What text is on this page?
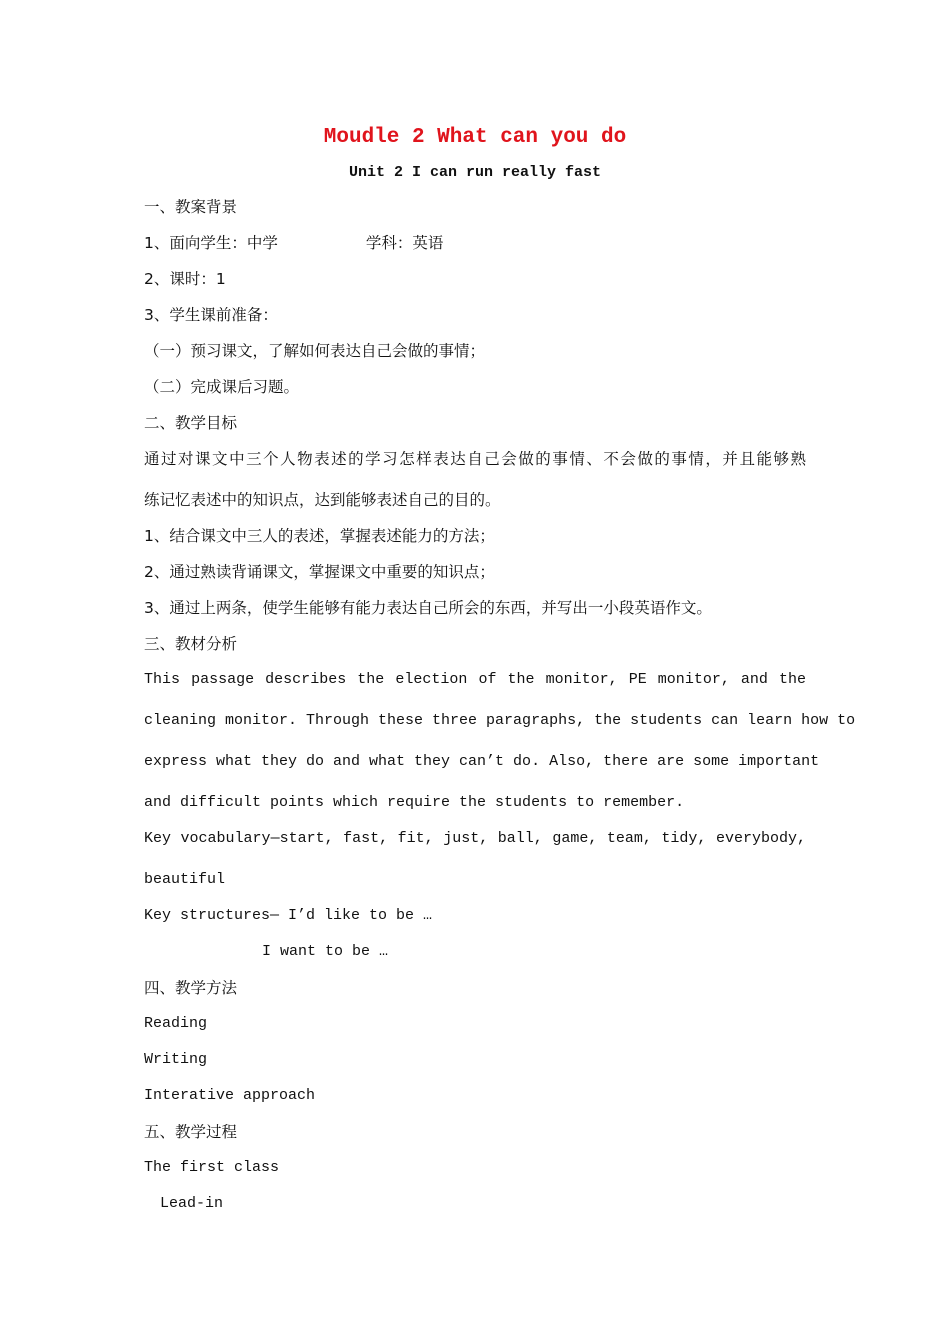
Moudle 2 What can you do
Unit 2 I can run really fast
一、教案背景
1、面向学生：中学	学科：英语
2、课时：1
3、学生课前准备：
（一）预习课文，了解如何表达自己会做的事情；
（二）完成课后习题。
二、教学目标
通过对课文中三个人物表述的学习怎样表达自己会做的事情、不会做的事情，并且能够熟
练记忆表述中的知识点，达到能够表述自己的目的。
1、结合课文中三人的表述，掌握表述能力的方法；
2、通过熟读背诵课文，掌握课文中重要的知识点；
3、通过上两条，使学生能够有能力表达自己所会的东西，并写出一小段英语作文。
三、教材分析
This passage describes the election of the monitor, PE monitor, and the
cleaning monitor. Through these three paragraphs, the students can learn how to
express what they do and what they can’t do. Also, there are some important
and difficult points which require the students to remember.
Key vocabulary—start, fast, fit, just, ball, game, team, tidy, everybody,
beautiful
Key structures— I’d like to be …
I want to be …
四、教学方法
Reading
Writing
Interative approach
五、教学过程
The first class
Lead-in
